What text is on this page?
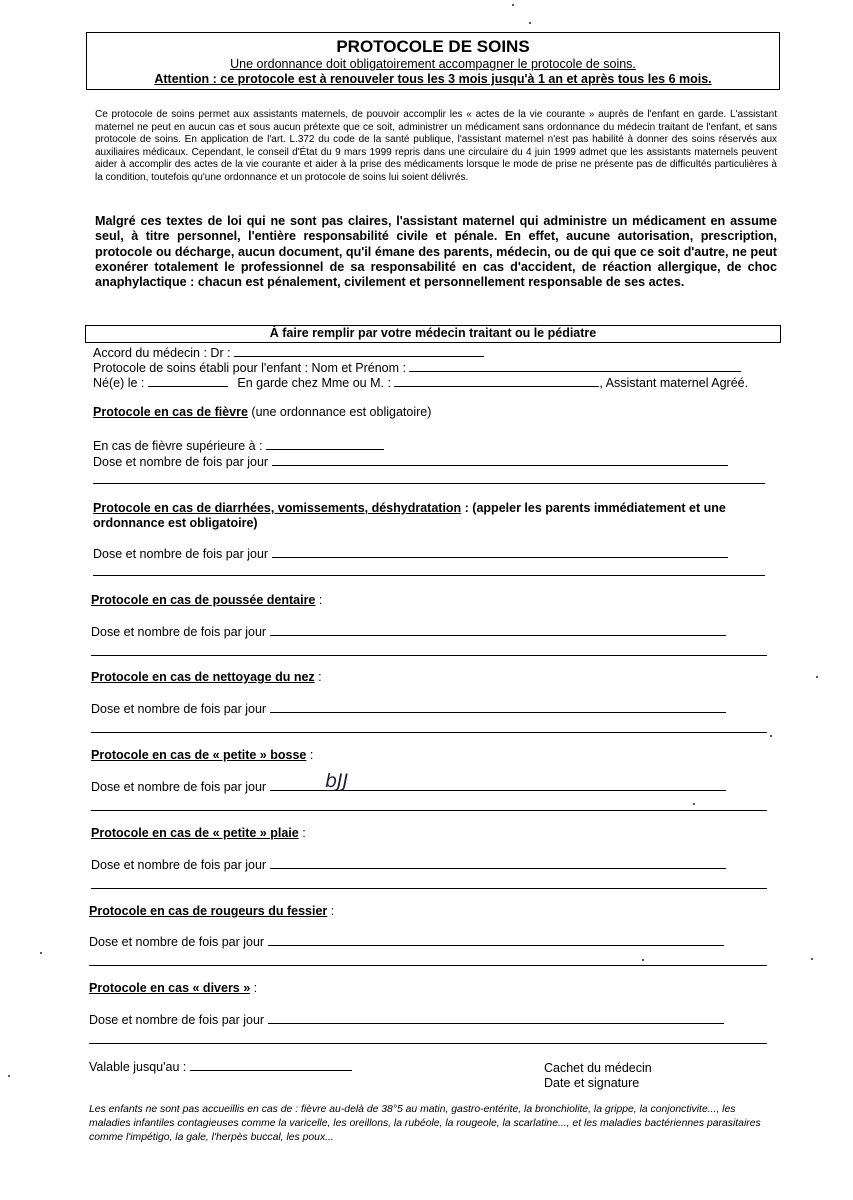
PROTOCOLE DE SOINS
Une ordonnance doit obligatoirement accompagner le protocole de soins.
Attention : ce protocole est à renouveler tous les 3 mois jusqu'à 1 an et après tous les 6 mois.
Ce protocole de soins permet aux assistants maternels, de pouvoir accomplir les « actes de la vie courante » auprès de l'enfant en garde. L'assistant maternel ne peut en aucun cas et sous aucun prétexte que ce soit, administrer un médicament sans ordonnance du médecin traitant de l'enfant, et sans protocole de soins. En application de l'art. L.372 du code de la santé publique, l'assistant maternel n'est pas habilité à donner des soins réservés aux auxiliaires médicaux. Cependant, le conseil d'État du 9 mars 1999 repris dans une circulaire du 4 juin 1999 admet que les assistants maternels peuvent aider à accomplir des actes de la vie courante et aider à la prise des médicaments lorsque le mode de prise ne présente pas de difficultés particulières à la condition, toutefois qu'une ordonnance et un protocole de soins lui soient délivrés.
Malgré ces textes de loi qui ne sont pas claires, l'assistant maternel qui administre un médicament en assume seul, à titre personnel, l'entière responsabilité civile et pénale. En effet, aucune autorisation, prescription, protocole ou décharge, aucun document, qu'il émane des parents, médecin, ou de qui que ce soit d'autre, ne peut exonérer totalement le professionnel de sa responsabilité en cas d'accident, de réaction allergique, de choc anaphylactique : chacun est pénalement, civilement et personnellement responsable de ses actes.
À faire remplir par votre médecin traitant ou le pédiatre
Accord du médecin : Dr :
Protocole de soins établi pour l'enfant : Nom et Prénom :
Né(e) le :	En garde chez Mme ou M. :	, Assistant maternel Agréé.
Protocole en cas de fièvre (une ordonnance est obligatoire)
En cas de fièvre supérieure à :
Dose et nombre de fois par jour
Protocole en cas de diarrhées, vomissements, déshydratation : (appeler les parents immédiatement et une ordonnance est obligatoire)
Dose et nombre de fois par jour
Protocole en cas de poussée dentaire :
Dose et nombre de fois par jour
Protocole en cas de nettoyage du nez :
Dose et nombre de fois par jour
Protocole en cas de « petite » bosse :
Dose et nombre de fois par jour	bJJ
Protocole en cas de « petite » plaie :
Dose et nombre de fois par jour
Protocole en cas de rougeurs du fessier :
Dose et nombre de fois par jour
Protocole en cas « divers » :
Dose et nombre de fois par jour
Valable jusqu'au :	Cachet du médecin
Date et signature
Les enfants ne sont pas accueillis en cas de : fièvre au-delà de 38°5 au matin, gastro-entérite, la bronchiolite, la grippe, la conjonctivite..., les maladies infantiles contagieuses comme la varicelle, les oreillons, la rubéole, la rougeole, la scarlatine..., et les maladies bactériennes parasitaires comme l'impétigo, la gale, l'herpès buccal, les poux...
